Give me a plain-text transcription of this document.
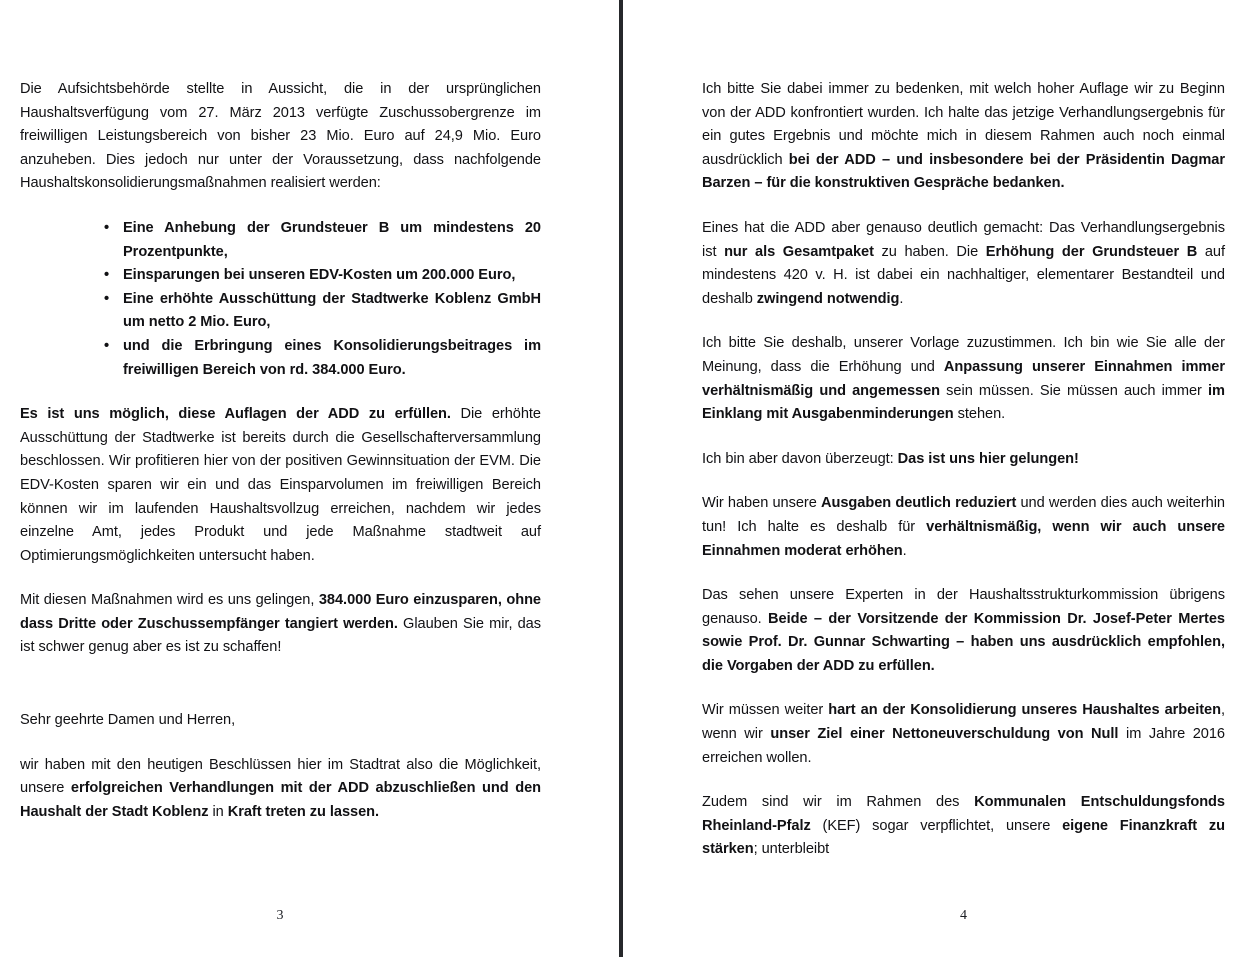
Die Aufsichtsbehörde stellte in Aussicht, die in der ursprünglichen Haushaltsverfügung vom 27. März 2013 verfügte Zuschussobergrenze im freiwilligen Leistungsbereich von bisher 23 Mio. Euro auf 24,9 Mio. Euro anzuheben. Dies jedoch nur unter der Voraussetzung, dass nachfolgende Haushaltskonsolidierungsmaßnahmen realisiert werden:

• Eine Anhebung der Grundsteuer B um mindestens 20 Prozentpunkte,
• Einsparungen bei unseren EDV-Kosten um 200.000 Euro,
• Eine erhöhte Ausschüttung der Stadtwerke Koblenz GmbH um netto 2 Mio. Euro,
• und die Erbringung eines Konsolidierungsbeitrages im freiwilligen Bereich von rd. 384.000 Euro.

Es ist uns möglich, diese Auflagen der ADD zu erfüllen. Die erhöhte Ausschüttung der Stadtwerke ist bereits durch die Gesellschafterversammlung beschlossen. Wir profitieren hier von der positiven Gewinnsituation der EVM. Die EDV-Kosten sparen wir ein und das Einsparvolumen im freiwilligen Bereich können wir im laufenden Haushaltsvollzug erreichen, nachdem wir jedes einzelne Amt, jedes Produkt und jede Maßnahme stadtweit auf Optimierungsmöglichkeiten untersucht haben.

Mit diesen Maßnahmen wird es uns gelingen, 384.000 Euro einzusparen, ohne dass Dritte oder Zuschussempfänger tangiert werden. Glauben Sie mir, das ist schwer genug aber es ist zu schaffen!

Sehr geehrte Damen und Herren,

wir haben mit den heutigen Beschlüssen hier im Stadtrat also die Möglichkeit, unsere erfolgreichen Verhandlungen mit der ADD abzuschließen und den Haushalt der Stadt Koblenz in Kraft treten zu lassen.

3

Ich bitte Sie dabei immer zu bedenken, mit welch hoher Auflage wir zu Beginn von der ADD konfrontiert wurden. Ich halte das jetzige Verhandlungsergebnis für ein gutes Ergebnis und möchte mich in diesem Rahmen auch noch einmal ausdrücklich bei der ADD – und insbesondere bei der Präsidentin Dagmar Barzen – für die konstruktiven Gespräche bedanken.

Eines hat die ADD aber genauso deutlich gemacht: Das Verhandlungsergebnis ist nur als Gesamtpaket zu haben. Die Erhöhung der Grundsteuer B auf mindestens 420 v. H. ist dabei ein nachhaltiger, elementarer Bestandteil und deshalb zwingend notwendig.

Ich bitte Sie deshalb, unserer Vorlage zuzustimmen. Ich bin wie Sie alle der Meinung, dass die Erhöhung und Anpassung unserer Einnahmen immer verhältnismäßig und angemessen sein müssen. Sie müssen auch immer im Einklang mit Ausgabenminderungen stehen.

Ich bin aber davon überzeugt: Das ist uns hier gelungen!

Wir haben unsere Ausgaben deutlich reduziert und werden dies auch weiterhin tun! Ich halte es deshalb für verhältnismäßig, wenn wir auch unsere Einnahmen moderat erhöhen.

Das sehen unsere Experten in der Haushaltsstrukturkommission übrigens genauso. Beide – der Vorsitzende der Kommission Dr. Josef-Peter Mertes sowie Prof. Dr. Gunnar Schwarting – haben uns ausdrücklich empfohlen, die Vorgaben der ADD zu erfüllen.

Wir müssen weiter hart an der Konsolidierung unseres Haushaltes arbeiten, wenn wir unser Ziel einer Nettoneuverschuldung von Null im Jahre 2016 erreichen wollen.

Zudem sind wir im Rahmen des Kommunalen Entschuldungsfonds Rheinland-Pfalz (KEF) sogar verpflichtet, unsere eigene Finanzkraft zu stärken; unterbleibt

4
